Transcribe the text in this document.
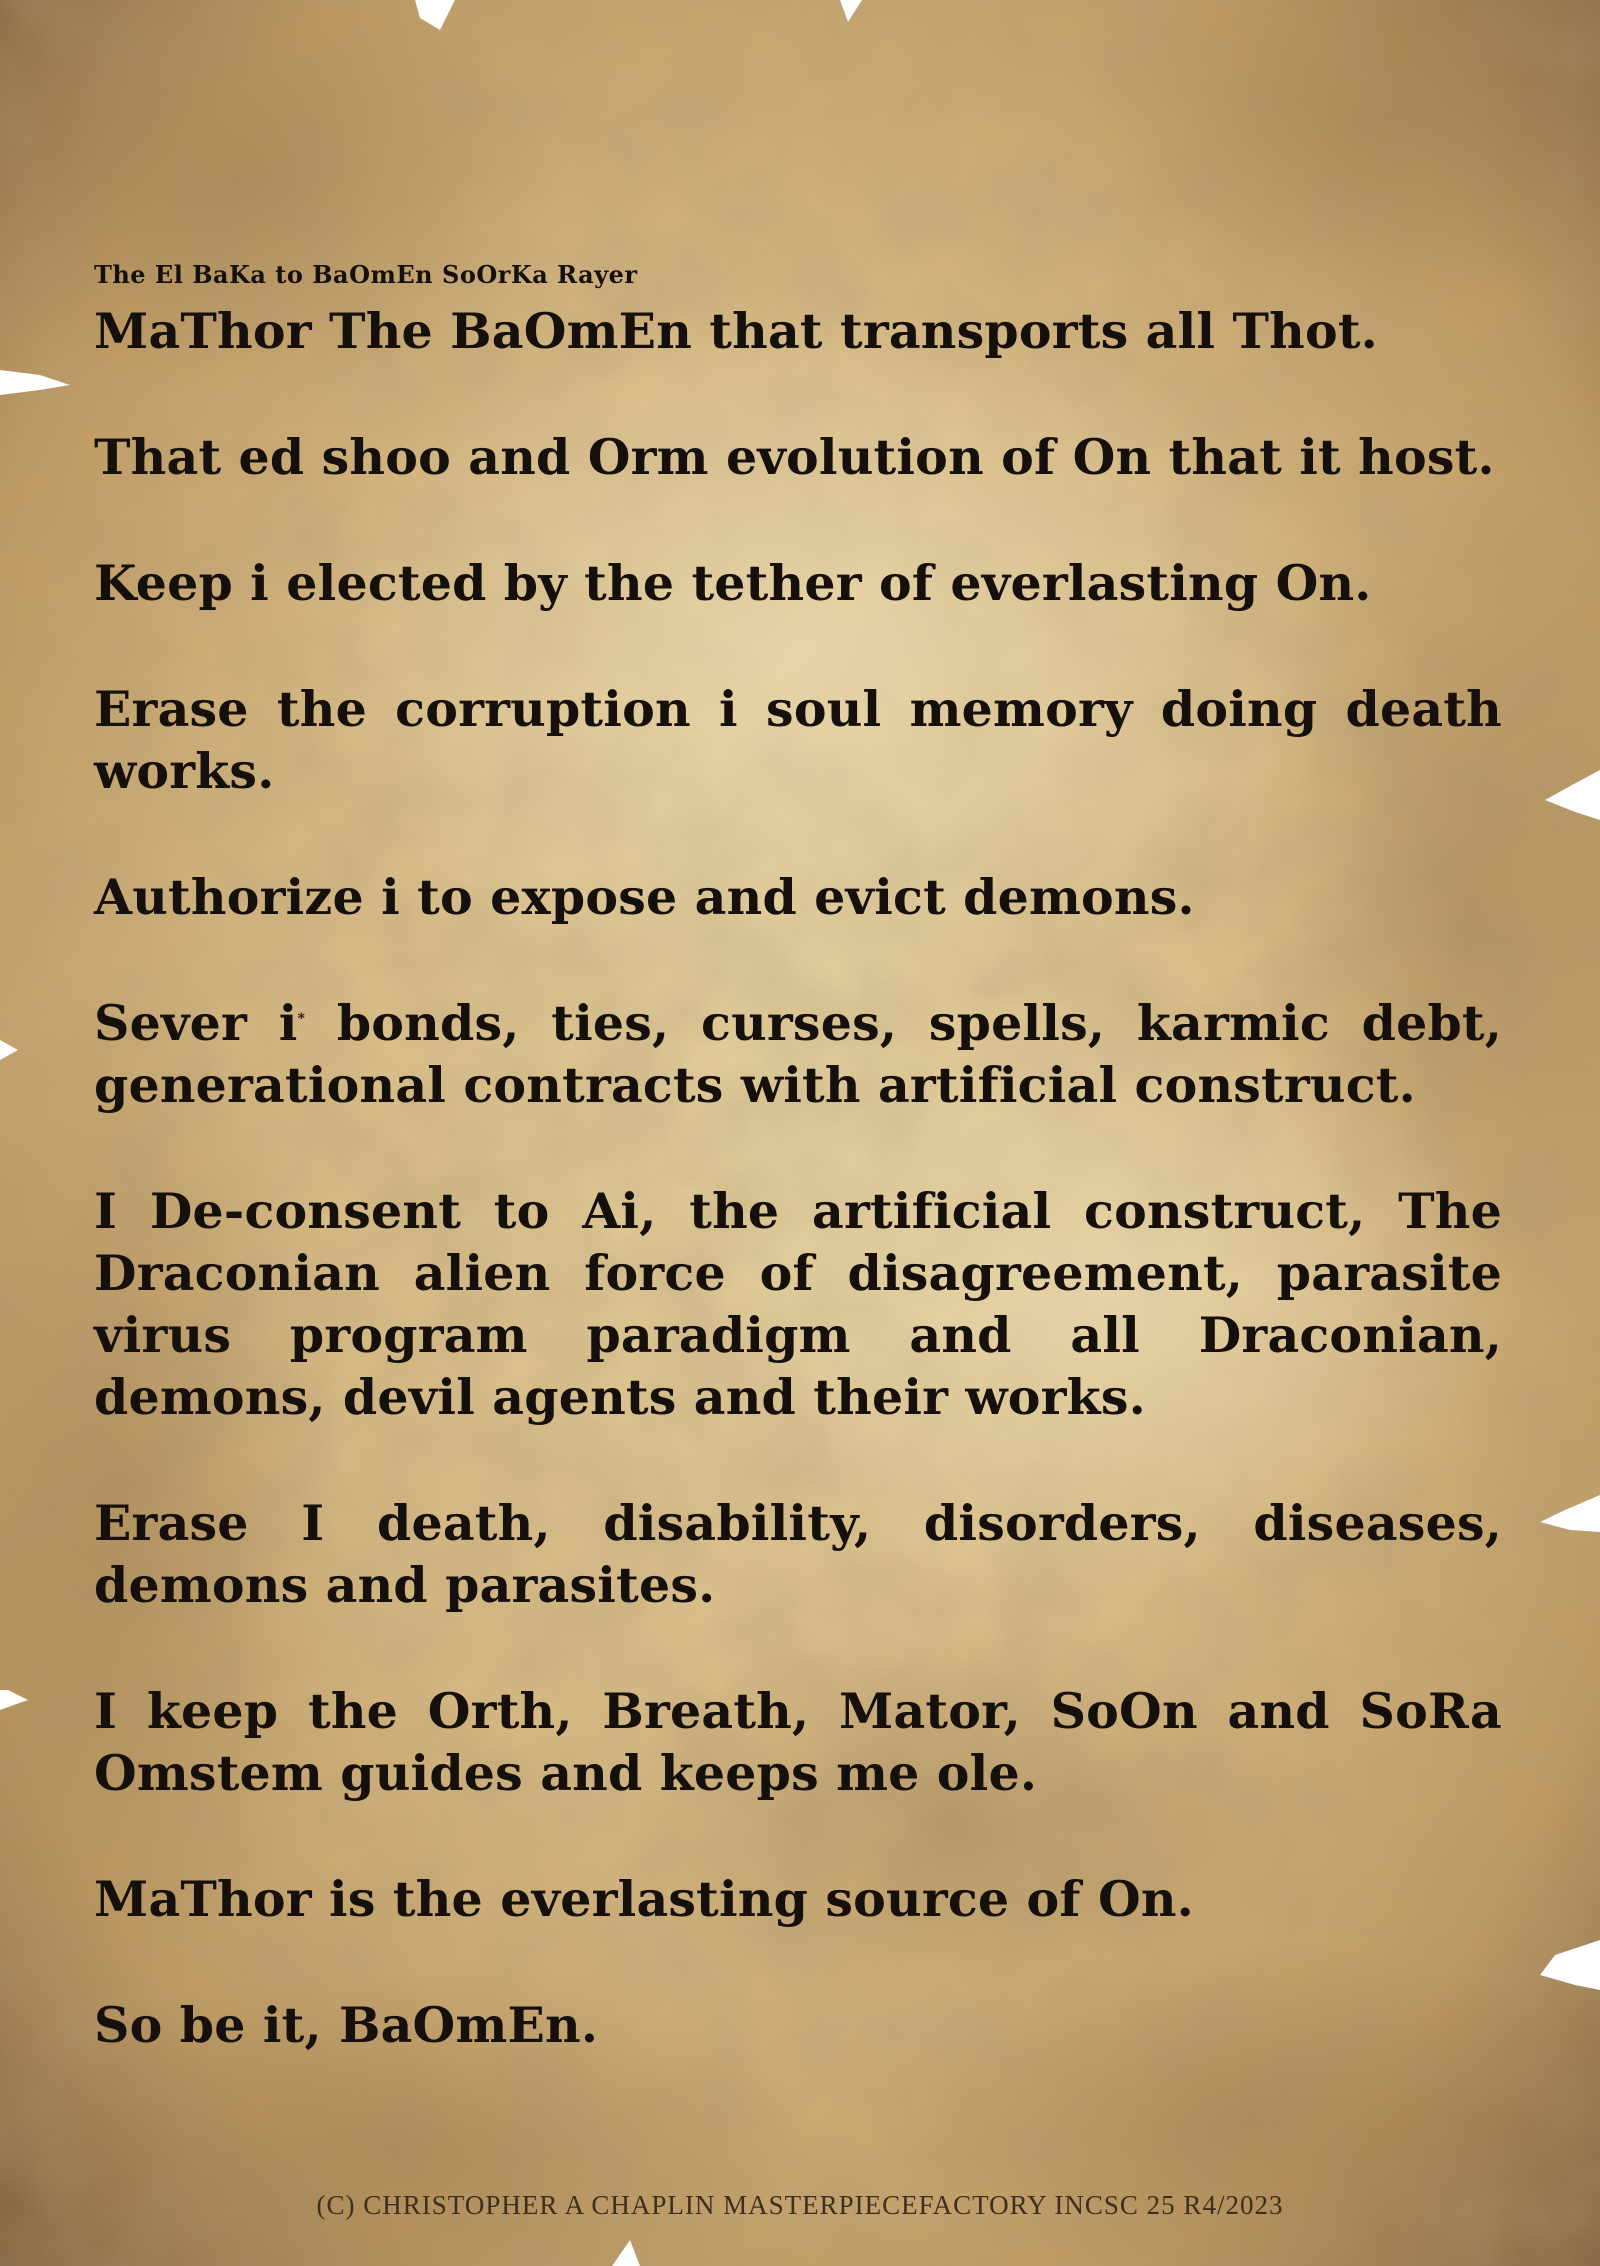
The El BaKa to BaOmEn SoOrKa Rayer

MaThor The BaOmEn that transports all Thot.

That ed shoo and Orm evolution of On that it host.

Keep i elected by the tether of everlasting On.

Erase the corruption i soul memory doing death works.

Authorize i to expose and evict demons.

Sever i* bonds, ties, curses, spells, karmic debt, generational contracts with artificial construct.

I De-consent to Ai, the artificial construct, The Draconian alien force of disagreement, parasite virus program paradigm and all Draconian, demons, devil agents and their works.

Erase I death, disability, disorders, diseases, demons and parasites.

I keep the Orth, Breath, Mator, SoOn and SoRa Omstem guides and keeps me ole.

MaThor is the everlasting source of On.

So be it, BaOmEn.

(C) CHRISTOPHER A CHAPLIN MASTERPIECEFACTORY INCSC 25 R4/2023
